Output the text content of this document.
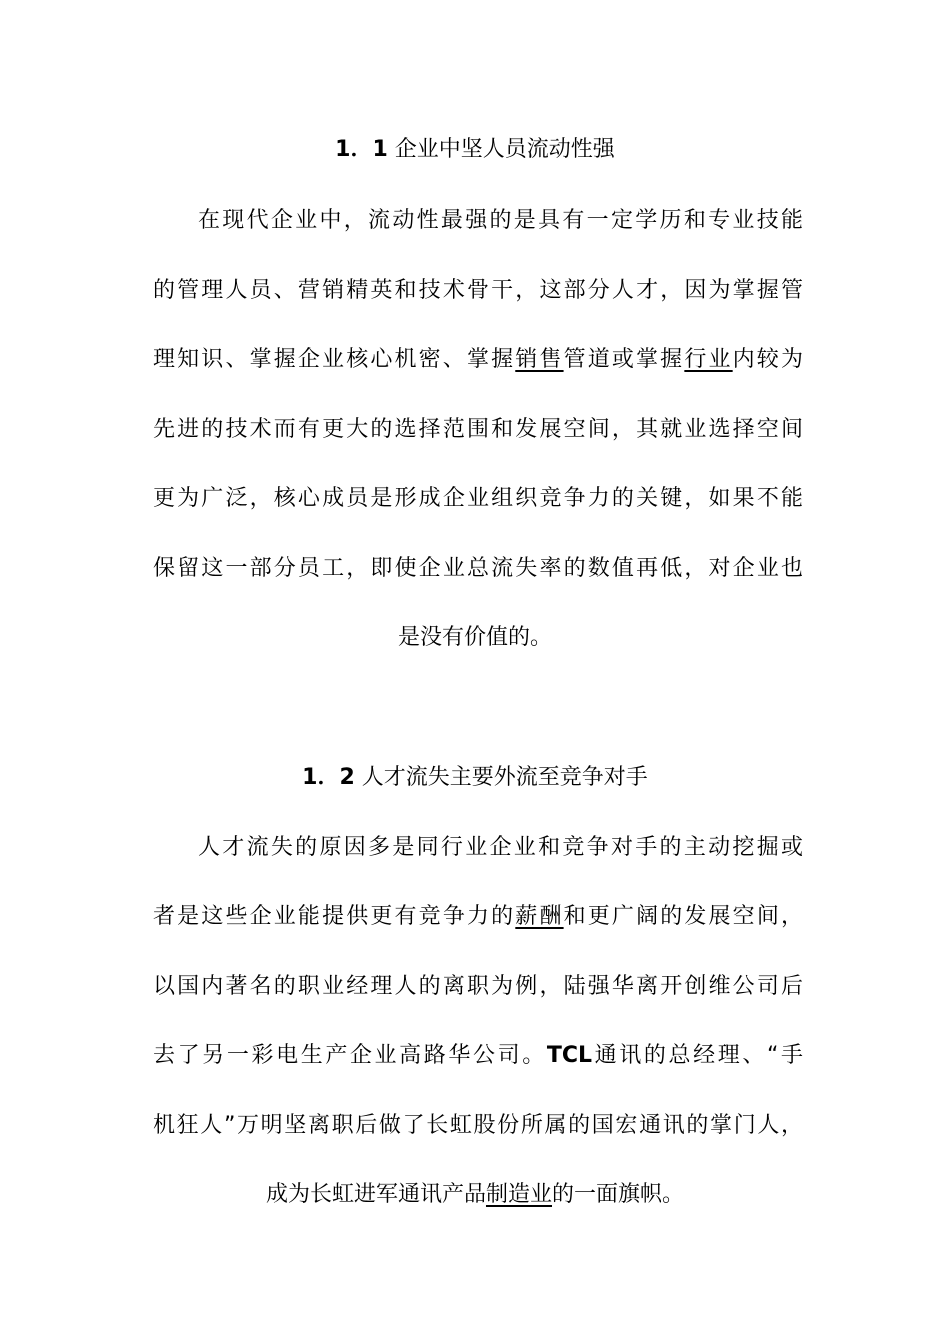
1．1 企业中坚人员流动性强
在现代企业中，流动性最强的是具有一定学历和专业技能
的管理人员、营销精英和技术骨干，这部分人才，因为掌握管
理知识、掌握企业核心机密、掌握销售管道或掌握行业内较为
先进的技术而有更大的选择范围和发展空间，其就业选择空间
更为广泛，核心成员是形成企业组织竞争力的关键，如果不能
保留这一部分员工，即使企业总流失率的数值再低，对企业也
是没有价值的。
1．2 人才流失主要外流至竞争对手
人才流失的原因多是同行业企业和竞争对手的主动挖掘或
者是这些企业能提供更有竞争力的薪酬和更广阔的发展空间，
以国内著名的职业经理人的离职为例，陆强华离开创维公司后
去了另一彩电生产企业高路华公司。TCL通讯的总经理、“手
机狂人”万明坚离职后做了长虹股份所属的国宏通讯的掌门人，
成为长虹进军通讯产品制造业的一面旗帜。
